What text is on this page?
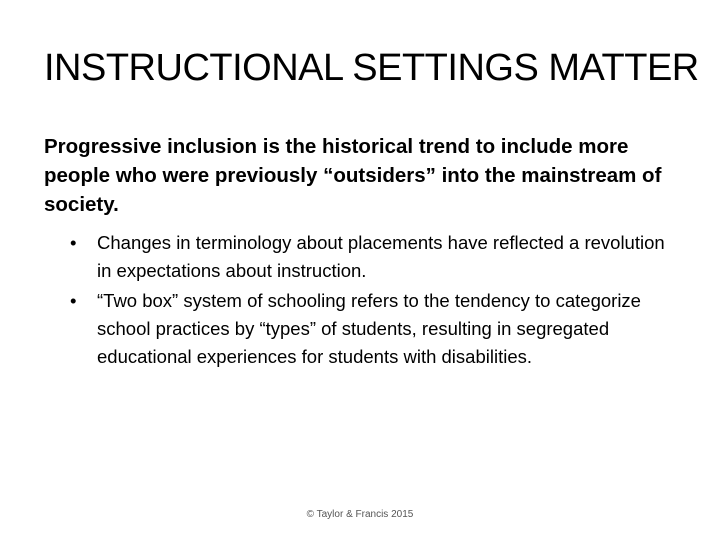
INSTRUCTIONAL SETTINGS MATTER
Progressive inclusion is the historical trend to include more people who were previously “outsiders” into the mainstream of society.
•	Changes in terminology about placements have reflected a revolution in expectations about instruction.
•	“Two box” system of schooling refers to the tendency to categorize school practices by “types” of students, resulting in segregated educational experiences for students with disabilities.
© Taylor & Francis 2015
